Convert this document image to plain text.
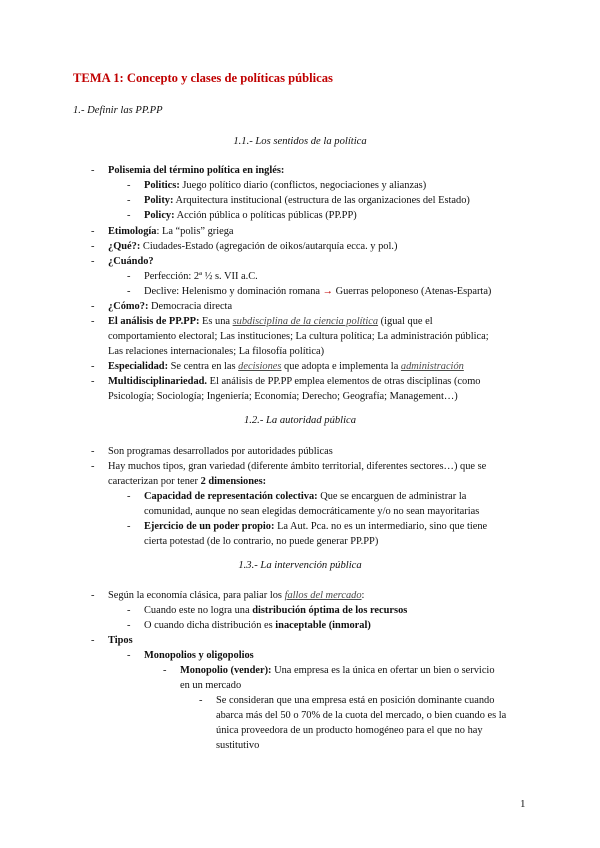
TEMA 1: Concepto y clases de políticas públicas
1.- Definir las PP.PP
1.1.- Los sentidos de la política
- Polisemia del término política en inglés:
- Politics: Juego político diario (conflictos, negociaciones y alianzas)
- Polity: Arquitectura institucional (estructura de las organizaciones del Estado)
- Policy: Acción pública o políticas públicas (PP.PP)
- Etimología: La “polis” griega
- ¿Qué?: Ciudades-Estado (agregación de oikos/autarquía ecca. y pol.)
- ¿Cuándo?
- Perfección: 2ª ½ s. VII a.C.
- Declive: Helenismo y dominación romana → Guerras peloponeso (Atenas-Esparta)
- ¿Cómo?: Democracia directa
- El análisis de PP.PP: Es una subdisciplina de la ciencia política (igual que el
comportamiento electoral; Las instituciones; La cultura política; La administración pública;
Las relaciones internacionales; La filosofía política)
- Especialidad: Se centra en las decisiones que adopta e implementa la administración
- Multidisciplinariedad. El análisis de PP.PP emplea elementos de otras disciplinas (como
Psicología; Sociología; Ingeniería; Economía; Derecho; Geografía; Management…)
1.2.- La autoridad pública
- Son programas desarrollados por autoridades públicas
- Hay muchos tipos, gran variedad (diferente ámbito territorial, diferentes sectores…) que se
caracterizan por tener 2 dimensiones:
- Capacidad de representación colectiva: Que se encarguen de administrar la
comunidad, aunque no sean elegidas democráticamente y/o no sean mayoritarias
- Ejercicio de un poder propio: La Aut. Pca. no es un intermediario, sino que tiene
cierta potestad (de lo contrario, no puede generar PP.PP)
1.3.- La intervención pública
- Según la economía clásica, para paliar los fallos del mercado:
- Cuando este no logra una distribución óptima de los recursos
- O cuando dicha distribución es inaceptable (inmoral)
- Tipos
- Monopolios y oligopolios
- Monopolio (vender): Una empresa es la única en ofertar un bien o servicio
en un mercado
- Se consideran que una empresa está en posición dominante cuando
abarca más del 50 o 70% de la cuota del mercado, o bien cuando es la
única proveedora de un producto homogéneo para el que no hay
sustitutivo
1
